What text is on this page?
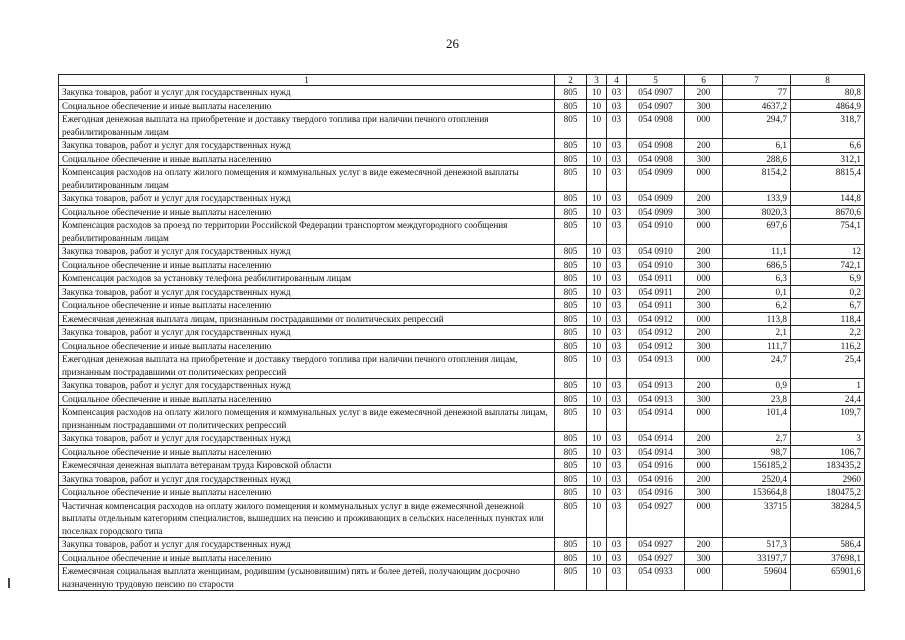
26
1	2	3	4	5	6	7	8
Закупка товаров, работ и услуг для государственных нужд	805	10	03	054 0907	200	77	80,8
Социальное обеспечение и иные выплаты населению	805	10	03	054 0907	300	4637,2	4864,9
Ежегодная денежная выплата на приобретение и доставку твердого топлива при наличии печного отопления реабилитированным лицам	805	10	03	054 0908	000	294,7	318,7
Закупка товаров, работ и услуг для государственных нужд	805	10	03	054 0908	200	6,1	6,6
Социальное обеспечение и иные выплаты населению	805	10	03	054 0908	300	288,6	312,1
Компенсация расходов на оплату жилого помещения и коммунальных услуг в виде ежемесячной денежной выплаты реабилитированным лицам	805	10	03	054 0909	000	8154,2	8815,4
Закупка товаров, работ и услуг для государственных нужд	805	10	03	054 0909	200	133,9	144,8
Социальное обеспечение и иные выплаты населению	805	10	03	054 0909	300	8020,3	8670,6
Компенсация расходов за проезд по территории Российской Федерации транспортом междугородного сообщения реабилитированным лицам	805	10	03	054 0910	000	697,6	754,1
Закупка товаров, работ и услуг для государственных нужд	805	10	03	054 0910	200	11,1	12
Социальное обеспечение и иные выплаты населению	805	10	03	054 0910	300	686,5	742,1
Компенсация расходов за установку телефона реабилитированным лицам	805	10	03	054 0911	000	6,3	6,9
Закупка товаров, работ и услуг для государственных нужд	805	10	03	054 0911	200	0,1	0,2
Социальное обеспечение и иные выплаты населению	805	10	03	054 0911	300	6,2	6,7
Ежемесячная денежная выплата лицам, признанным пострадавшими от политических репрессий	805	10	03	054 0912	000	113,8	118,4
Закупка товаров, работ и услуг для государственных нужд	805	10	03	054 0912	200	2,1	2,2
Социальное обеспечение и иные выплаты населению	805	10	03	054 0912	300	111,7	116,2
Ежегодная денежная выплата на приобретение и доставку твердого топлива при наличии печного отопления лицам, признанным пострадавшими от политических репрессий	805	10	03	054 0913	000	24,7	25,4
Закупка товаров, работ и услуг для государственных нужд	805	10	03	054 0913	200	0,9	1
Социальное обеспечение и иные выплаты населению	805	10	03	054 0913	300	23,8	24,4
Компенсация расходов на оплату жилого помещения и коммунальных услуг в виде ежемесячной денежной выплаты лицам, признанным пострадавшими от политических репрессий	805	10	03	054 0914	000	101,4	109,7
Закупка товаров, работ и услуг для государственных нужд	805	10	03	054 0914	200	2,7	3
Социальное обеспечение и иные выплаты населению	805	10	03	054 0914	300	98,7	106,7
Ежемесячная денежная выплата ветеранам труда Кировской области	805	10	03	054 0916	000	156185,2	183435,2
Закупка товаров, работ и услуг для государственных нужд	805	10	03	054 0916	200	2520,4	2960
Социальное обеспечение и иные выплаты населению	805	10	03	054 0916	300	153664,8	180475,2
Частичная компенсация расходов на оплату жилого помещения и коммунальных услуг в виде ежемесячной денежной выплаты отдельным категориям специалистов, вышедших на пенсию и проживающих в сельских населенных пунктах или поселках городского типа	805	10	03	054 0927	000	33715	38284,5
Закупка товаров, работ и услуг для государственных нужд	805	10	03	054 0927	200	517,3	586,4
Социальное обеспечение и иные выплаты населению	805	10	03	054 0927	300	33197,7	37698,1
Ежемесячная социальная выплата женщинам, родившим (усыновившим) пять и более детей, получающим досрочно назначенную трудовую пенсию по старости	805	10	03	054 0933	000	59604	65901,6
